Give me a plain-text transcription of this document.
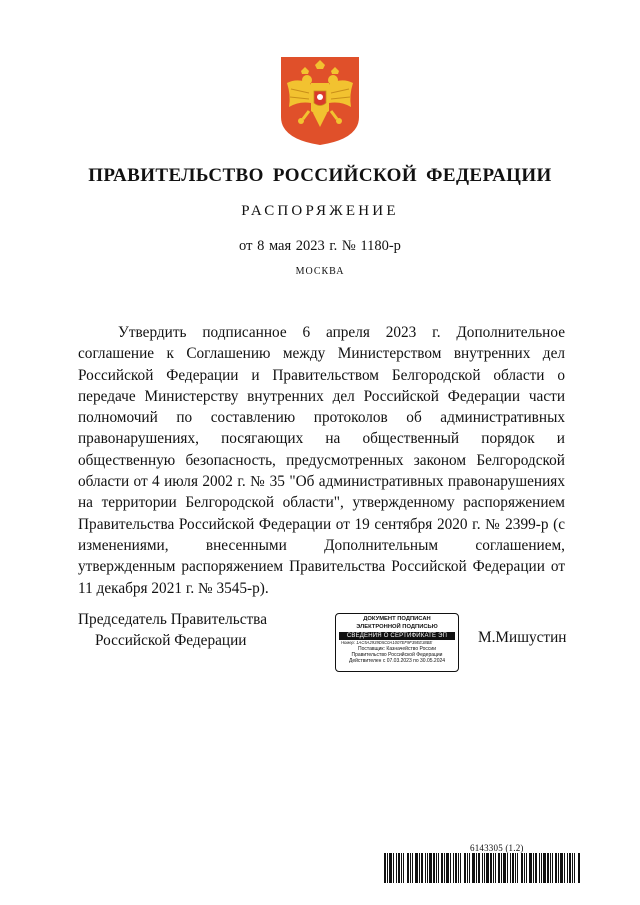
ПРАВИТЕЛЬСТВО РОССИЙСКОЙ ФЕДЕРАЦИИ
РАСПОРЯЖЕНИЕ
от 8 мая 2023 г. № 1180-р
МОСКВА

Утвердить подписанное 6 апреля 2023 г. Дополнительное соглашение к Соглашению между Министерством внутренних дел Российской Федерации и Правительством Белгородской области о передаче Министерству внутренних дел Российской Федерации части полномочий по составлению протоколов об административных правонарушениях, посягающих на общественный порядок и общественную безопасность, предусмотренных законом Белгородской области от 4 июля 2002 г. № 35 "Об административных правонарушениях на территории Белгородской области", утвержденному распоряжением Правительства Российской Федерации от 19 сентября 2020 г. № 2399-р (с изменениями, внесенными Дополнительным соглашением, утвержденным распоряжением Правительства Российской Федерации от 11 декабря 2021 г. № 3545-р).

Председатель Правительства
Российской Федерации
ДОКУМЕНТ ПОДПИСАН
ЭЛЕКТРОННОЙ ПОДПИСЬЮ
СВЕДЕНИЯ О СЕРТИФИКАТЕ ЭП
Номер: 1AC5A2939D5C0A1007EF9F39EE38BE
Поставщик: Казначейство России
Правительство Российской Федерации
Действителен с 07.03.2023 по 30.05.2024
М.Мишустин
6143305 (1.2)
